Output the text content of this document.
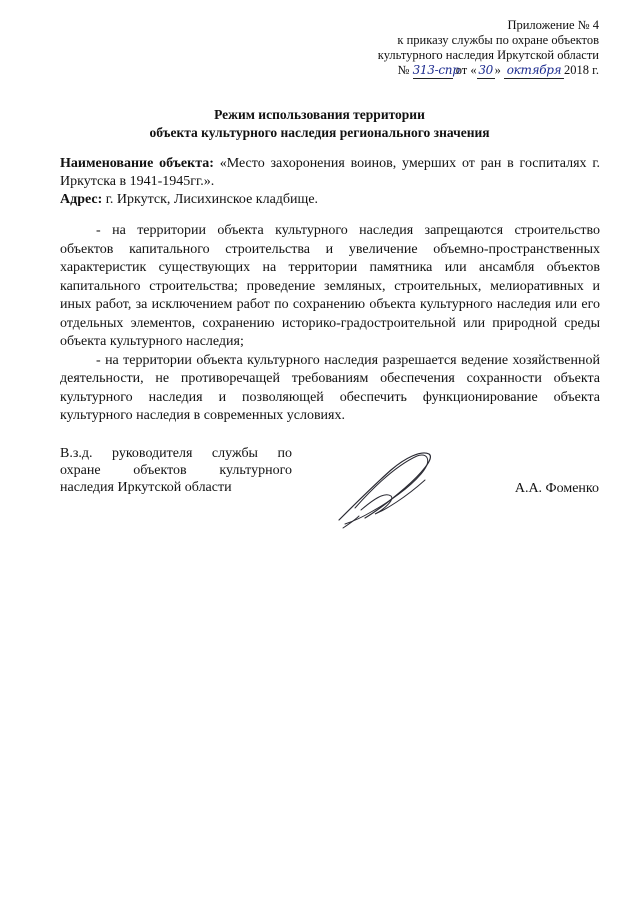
Приложение № 4
к приказу службы по охране объектов
культурного наследия Иркутской области
№ 313-спр от « 30 » октября 2018 г.
Режим использования территории
объекта культурного наследия регионального значения
Наименование объекта: «Место захоронения воинов, умерших от ран в госпиталях г. Иркутска в 1941-1945гг.».
Адрес: г. Иркутск, Лисихинское кладбище.

- на территории объекта культурного наследия запрещаются строительство объектов капитального строительства и увеличение объемно-пространственных характеристик существующих на территории памятника или ансамбля объектов капитального строительства; проведение земляных, строительных, мелиоративных и иных работ, за исключением работ по сохранению объекта культурного наследия или его отдельных элементов, сохранению историко-градостроительной или природной среды объекта культурного наследия;

- на территории объекта культурного наследия разрешается ведение хозяйственной деятельности, не противоречащей требованиям обеспечения сохранности объекта культурного наследия и позволяющей обеспечить функционирование объекта культурного наследия в современных условиях.

В.з.д. руководителя службы по
охране объектов культурного
наследия Иркутской области	А.А. Фоменко
